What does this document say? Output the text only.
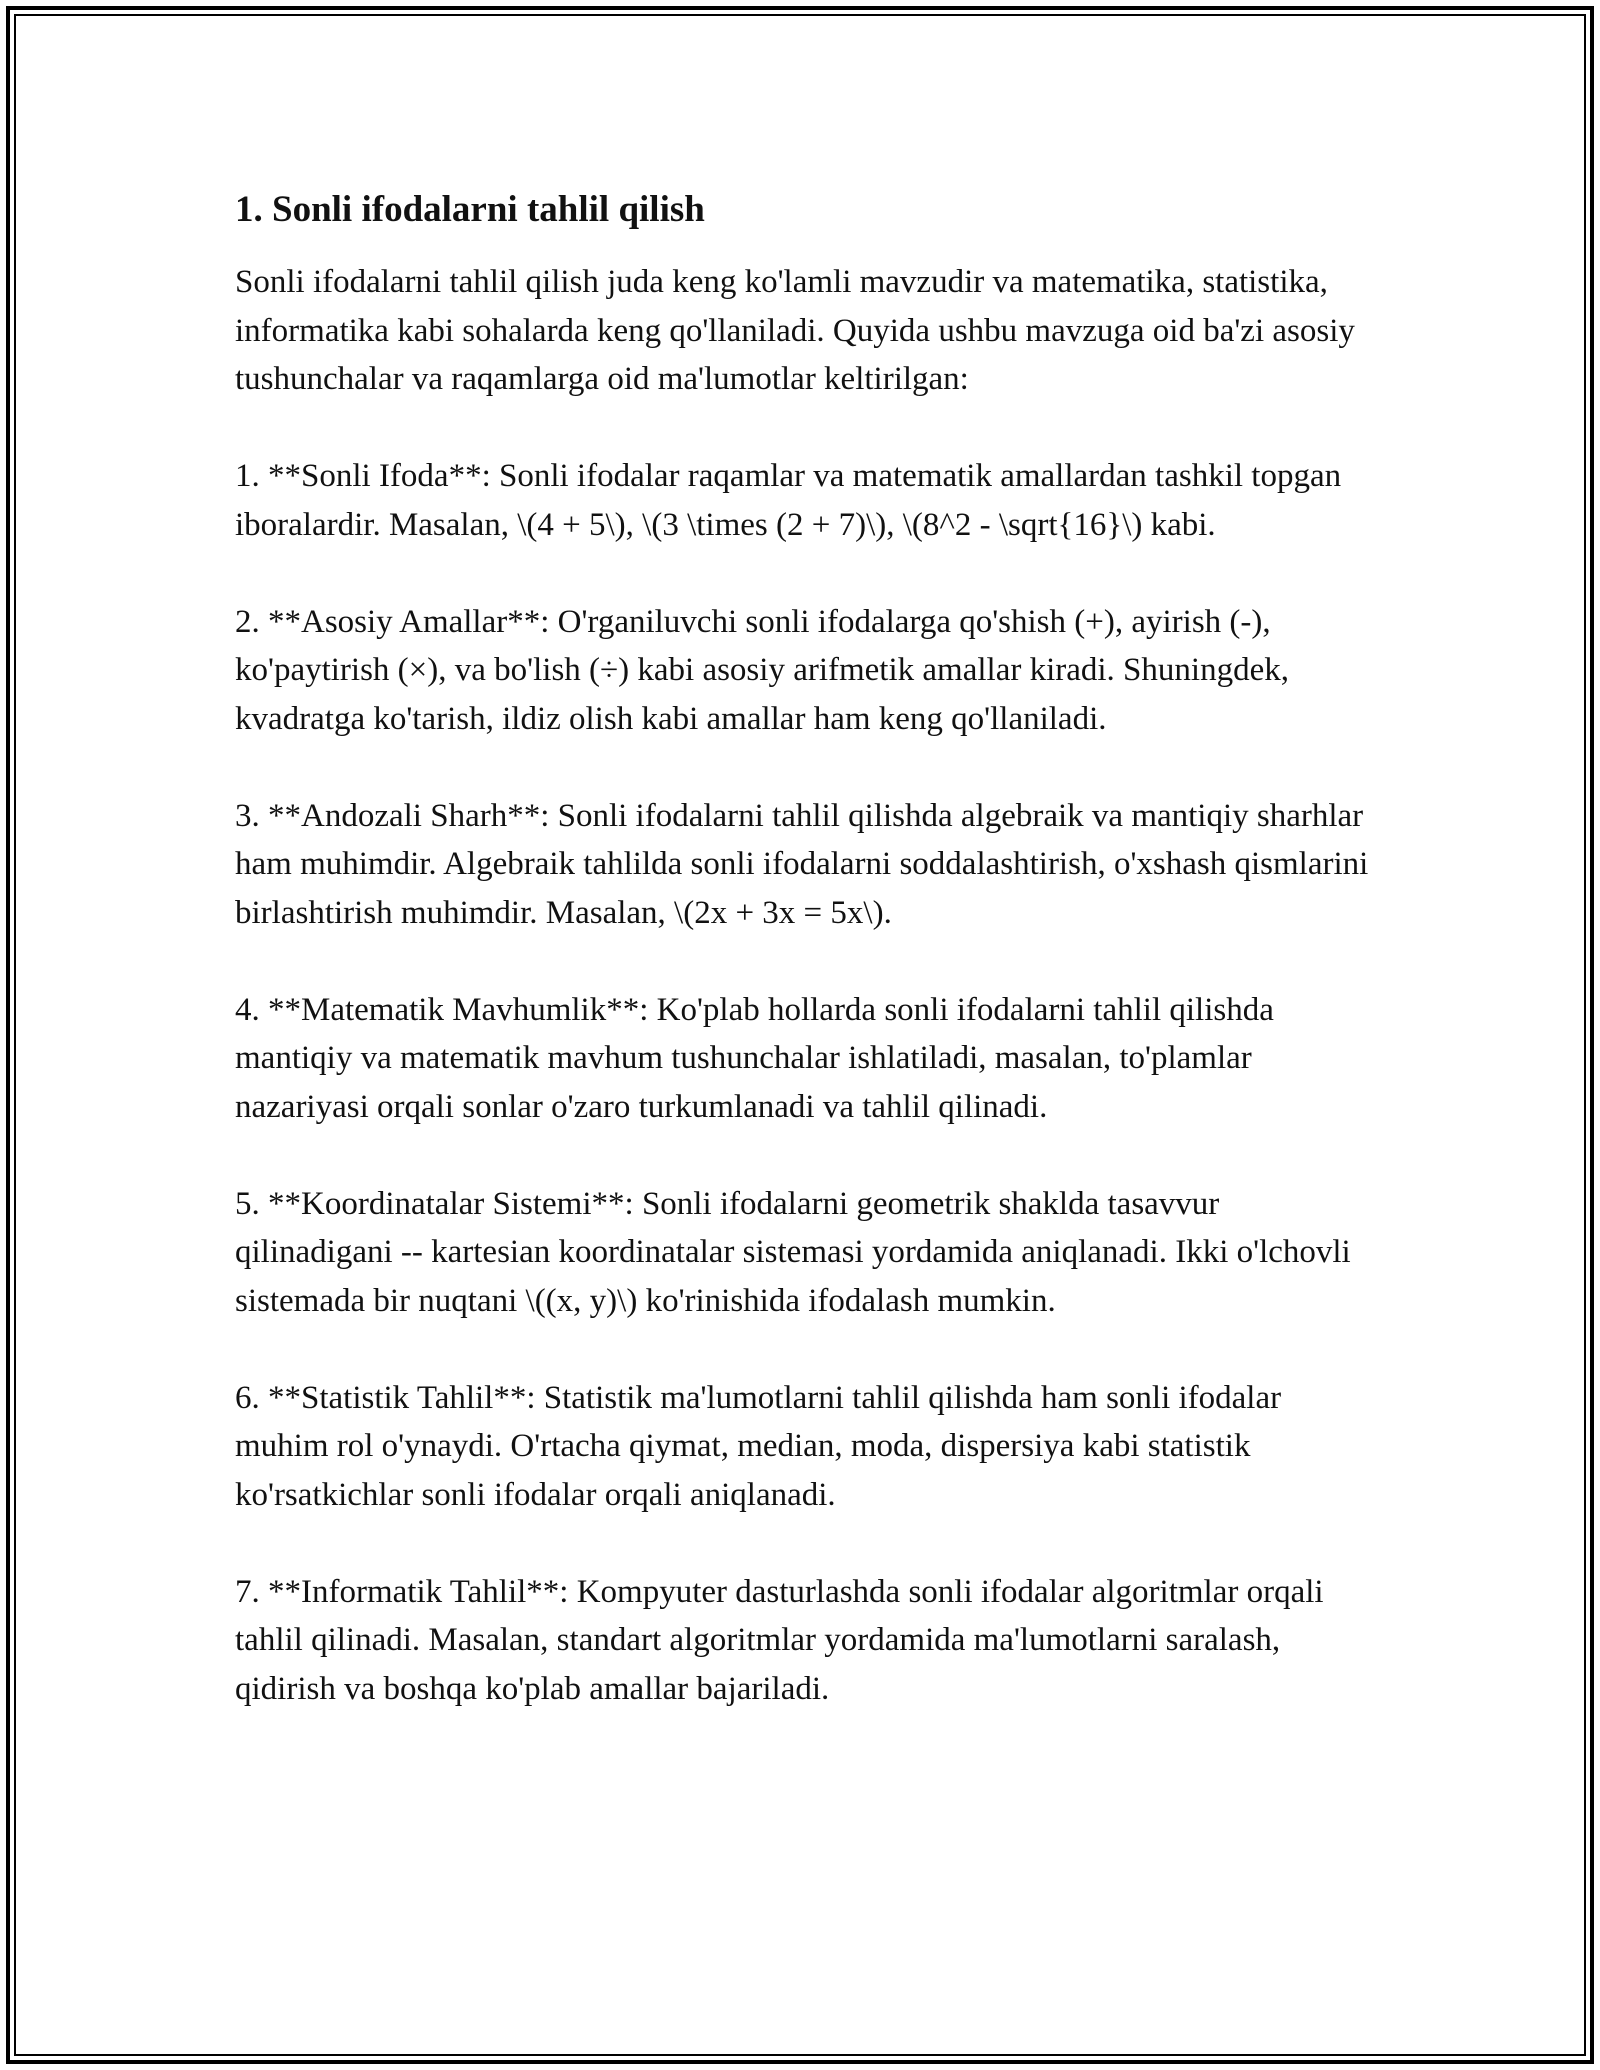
1. Sonli ifodalarni tahlil qilish

Sonli ifodalarni tahlil qilish juda keng ko'lamli mavzudir va matematika, statistika, informatika kabi sohalarda keng qo'llaniladi. Quyida ushbu mavzuga oid ba'zi asosiy tushunchalar va raqamlarga oid ma'lumotlar keltirilgan:

1. **Sonli Ifoda**: Sonli ifodalar raqamlar va matematik amallardan tashkil topgan iboralardir. Masalan, \(4 + 5\), \(3 \times (2 + 7)\), \(8^2 - \sqrt{16}\) kabi.

2. **Asosiy Amallar**: O'rganiluvchi sonli ifodalarga qo'shish (+), ayirish (-), ko'paytirish (×), va bo'lish (÷) kabi asosiy arifmetik amallar kiradi. Shuningdek, kvadratga ko'tarish, ildiz olish kabi amallar ham keng qo'llaniladi.

3. **Andozali Sharh**: Sonli ifodalarni tahlil qilishda algebraik va mantiqiy sharhlar ham muhimdir. Algebraik tahlilda sonli ifodalarni soddalashtirish, o'xshash qismlarini birlashtirish muhimdir. Masalan, \(2x + 3x = 5x\).

4. **Matematik Mavhumlik**: Ko'plab hollarda sonli ifodalarni tahlil qilishda mantiqiy va matematik mavhum tushunchalar ishlatiladi, masalan, to'plamlar nazariyasi orqali sonlar o'zaro turkumlanadi va tahlil qilinadi.

5. **Koordinatalar Sistemi**: Sonli ifodalarni geometrik shaklda tasavvur qilinadigani -- kartesian koordinatalar sistemasi yordamida aniqlanadi. Ikki o'lchovli sistemada bir nuqtani \((x, y)\) ko'rinishida ifodalash mumkin.

6. **Statistik Tahlil**: Statistik ma'lumotlarni tahlil qilishda ham sonli ifodalar muhim rol o'ynaydi. O'rtacha qiymat, median, moda, dispersiya kabi statistik ko'rsatkichlar sonli ifodalar orqali aniqlanadi.

7. **Informatik Tahlil**: Kompyuter dasturlashda sonli ifodalar algoritmlar orqali tahlil qilinadi. Masalan, standart algoritmlar yordamida ma'lumotlarni saralash, qidirish va boshqa ko'plab amallar bajariladi.
